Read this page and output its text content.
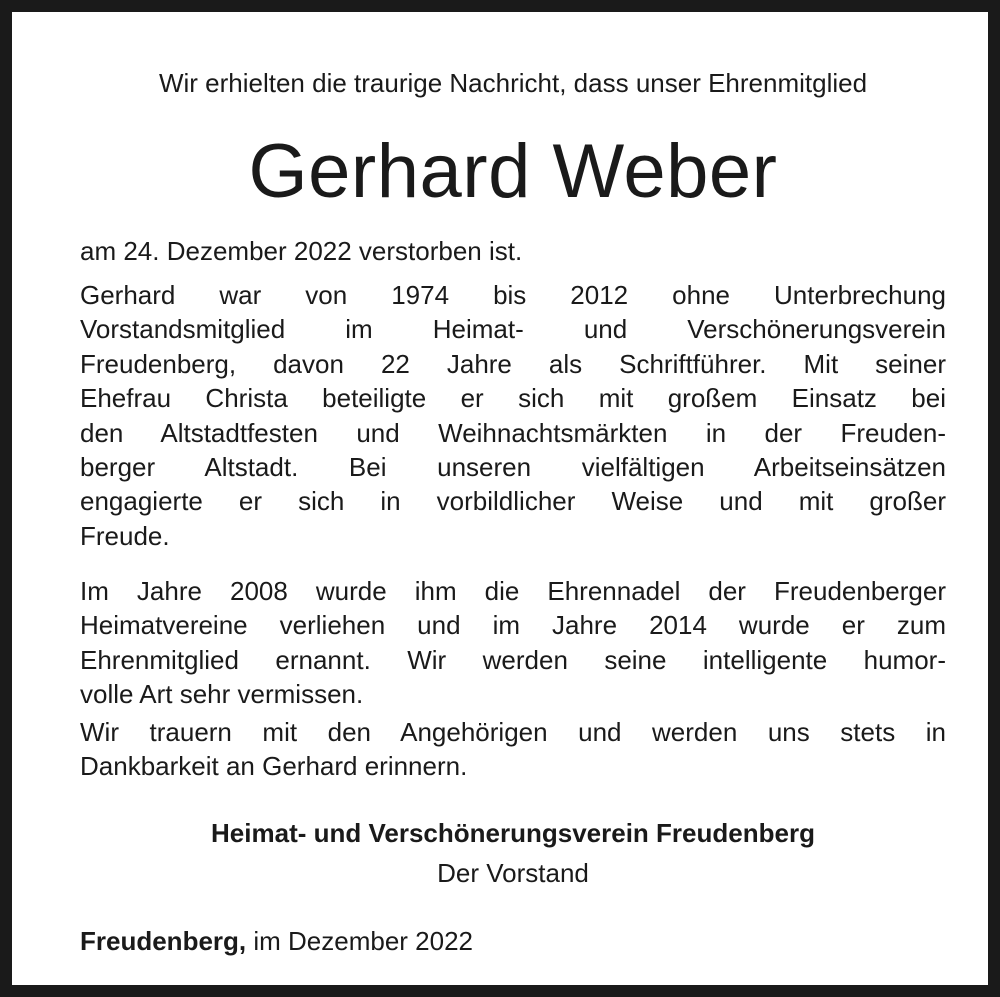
Wir erhielten die traurige Nachricht, dass unser Ehrenmitglied
Gerhard Weber
am 24. Dezember 2022 verstorben ist.

Gerhard war von 1974 bis 2012 ohne Unterbrechung
Vorstandsmitglied im Heimat- und Verschönerungsverein
Freudenberg, davon 22 Jahre als Schriftführer. Mit seiner
Ehefrau Christa beteiligte er sich mit großem Einsatz bei
den Altstadtfesten und Weihnachtsmärkten in der Freuden-
berger Altstadt. Bei unseren vielfältigen Arbeitseinsätzen
engagierte er sich in vorbildlicher Weise und mit großer
Freude.

Im Jahre 2008 wurde ihm die Ehrennadel der Freudenberger
Heimatvereine verliehen und im Jahre 2014 wurde er zum
Ehrenmitglied ernannt. Wir werden seine intelligente humor-
volle Art sehr vermissen.

Wir trauern mit den Angehörigen und werden uns stets in
Dankbarkeit an Gerhard erinnern.

Heimat- und Verschönerungsverein Freudenberg
Der Vorstand
Freudenberg, im Dezember 2022
